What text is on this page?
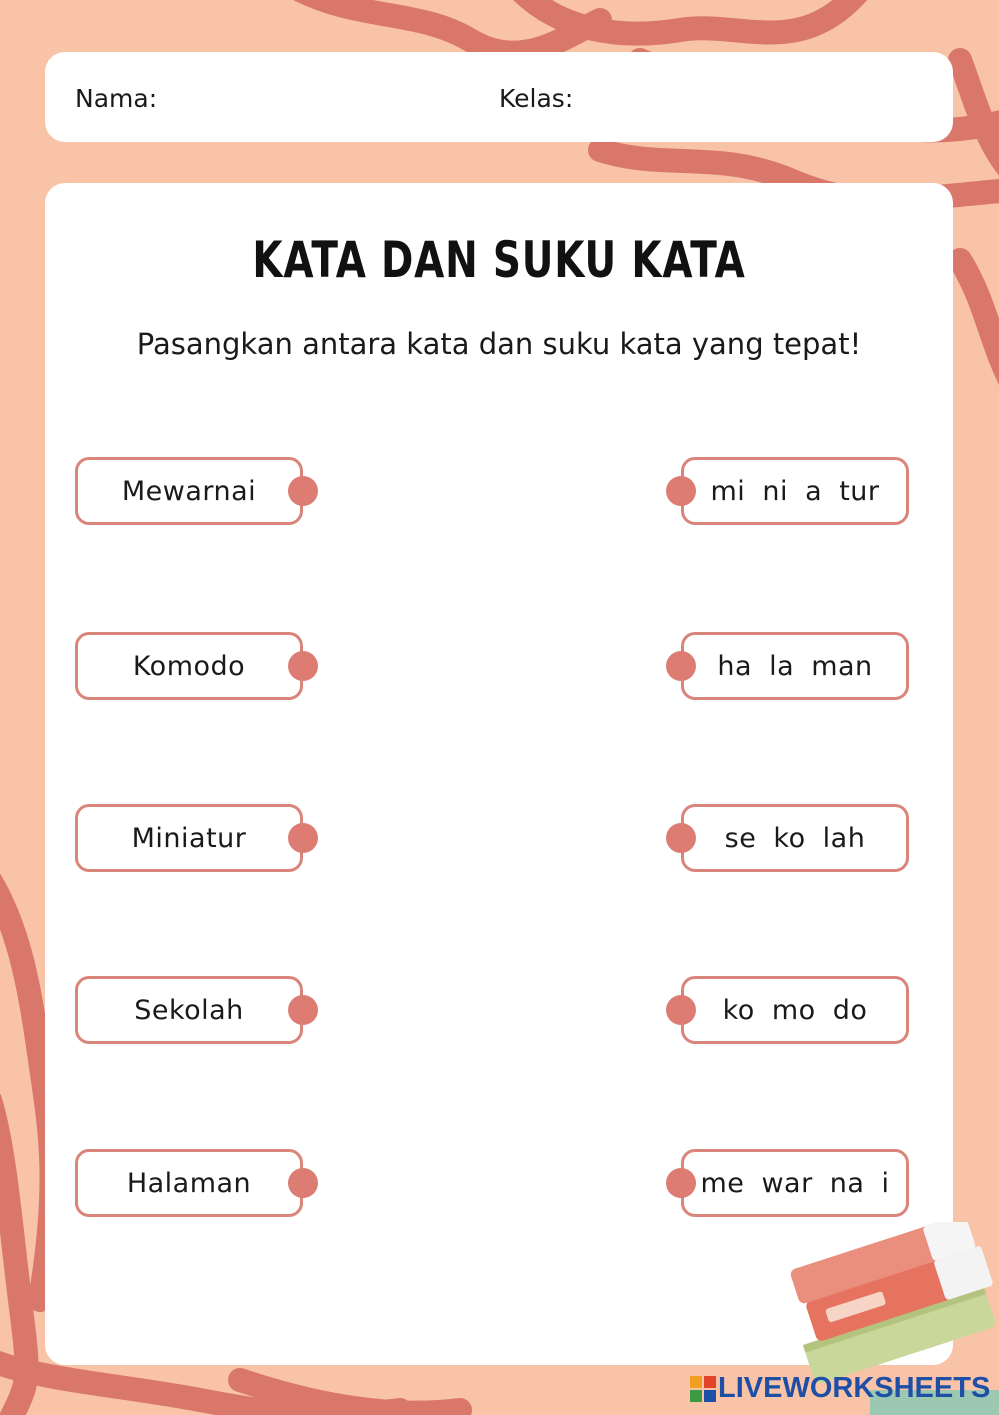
Nama:	Kelas:
KATA DAN SUKU KATA
Pasangkan antara kata dan suku kata yang tepat!
Mewarnai
Komodo
Miniatur
Sekolah
Halaman
mi ni a tur
ha la man
se ko lah
ko mo do
me war na i
LIVEWORKSHEETS
